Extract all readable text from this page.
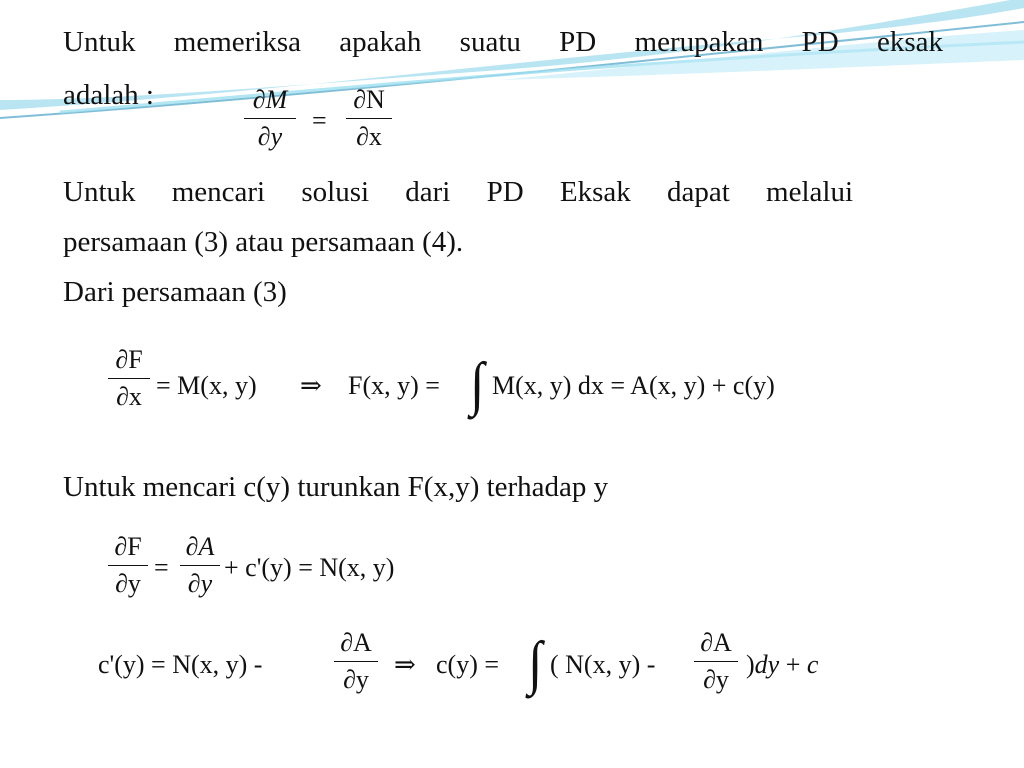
Untuk memeriksa apakah suatu PD merupakan PD eksak
adalah :	∂M
∂y
=
∂N
∂x
Untuk mencari solusi dari PD Eksak dapat melalui
persamaan (3) atau persamaan (4).
Dari persamaan (3)
∂F
∂x = M(x, y) ⇒ F(x, y) = ∫ M(x, y) dx = A(x, y) + c(y)
Untuk mencari c(y) turunkan F(x,y) terhadap y
∂F
∂y
=
∂A
∂y
+ c'(y) = N(x, y)
c'(y) = N(x, y) -
∂A
∂y
⇒ c(y) = ∫ ( N(x, y) -
∂A
∂y
)dy + c
